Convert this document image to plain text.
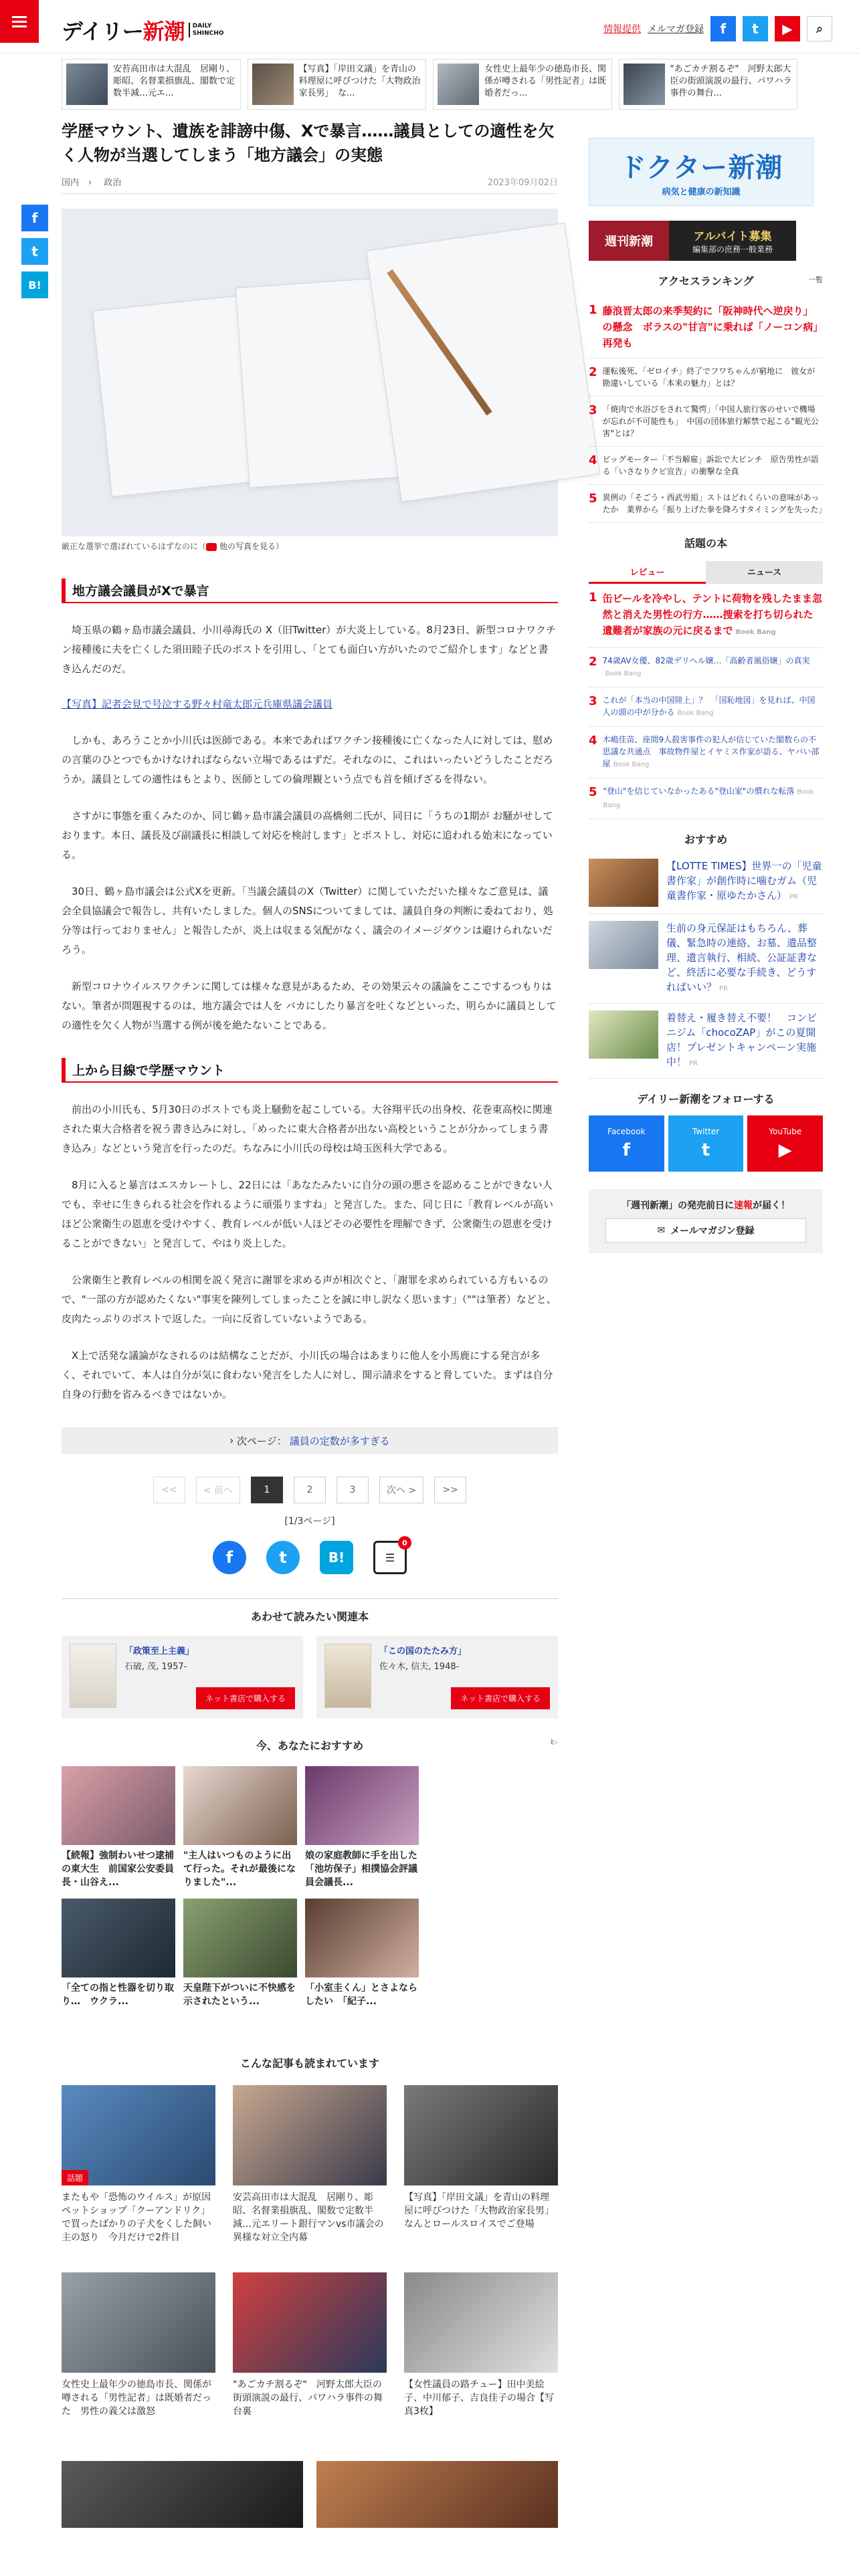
デイリー新潮	DAILY
SHINCHO	情報提供 メルマガ登録	f	t	▶	⌕
安苔高田市は大混乱　居剛り、彫昭、名督業損旗乱、閣数で定数半減…元エ...
【写真】「岸田文議」を青山の料理屋に呼びつけた「大物政治家長男」　な...
女性史上最年少の徳島市長、関係が噂される「男性記者」は既婚者だっ...
"あごカチ割るぞ"　河野太郎大臣の街頭演説の最行、パワハラ事件の舞台...
f
t
B!
学歴マウント、遺族を誹謗中傷、Xで暴言……議員としての適性を欠く人物が当選してしまう「地方議会」の実態
国内 › 政治	2023年09月02日
厳正な選挙で選ばれているはずなのに（ 他の写真を見る）
地方議会議員がXで暴言

埼玉県の鶴ヶ島市議会議員、小川尋海氏の X（旧Twitter）が大炎上している。8月23日、新型コロナワクチン接種後に夫を亡くした須田睦子氏のポストを引用し、「とても面白い方がいたのでご紹介します」などと書き込んだのだ。

【写真】記者会見で号泣する野々村竜太郎元兵庫県議会議員

しかも、あろうことか小川氏は医師である。本来であればワクチン接種後に亡くなった人に対しては、慰め の言葉のひとつでもかけなければならない立場であるはずだ。それなのに、これはいったいどうしたことだろうか。議員としての適性はもとより、医師としての倫理観という点でも首を傾げざるを得ない。

さすがに事態を重くみたのか、同じ鶴ヶ島市議会議員の高橋剣二氏が、同日に「うちの1期が お騒がせしております。本日、議長及び副議長に相談して対応を検討します」とポストし、対応に追われる始末になっている。

30日、鶴ヶ島市議会は公式Xを更新。「当議会議員のX（Twitter）に関していただいた様々なご意見は、議会全員協議会で報告し、共有いたしました。個人のSNSについてましては、議員自身の判断に委ねており、処分等は行っておりません」と報告したが、炎上は収まる気配がなく、議会のイメージダウンは避けられないだろう。

新型コロナウイルスワクチンに関しては様々な意見があるため、その効果云々の議論をここでするつもりはない。筆者が問題視するのは、地方議会では人を バカにしたり暴言を吐くなどといった、明らかに議員としての適性を欠く人物が当選する例が後を絶たないことである。

上から目線で学歴マウント

前出の小川氏も、5月30日のポストでも炎上騒動を起こしている。大谷翔平氏の出身校、花巻東高校に関連された東大合格者を祝う書き込みに対し、「めったに東大合格者が出ない高校ということが分かってしまう書き込み」などという発言を行ったのだ。ちなみに小川氏の母校は埼玉医科大学である。

8月に入ると暴言はエスカレートし、22日には「あなたみたいに自分の頭の悪さを認めることができない人でも、幸せに生きられる社会を作れるように頑張りますね」と発言した。また、同じ日に「教育レベルが高いほど公衆衛生の恩恵を受けやすく、教育レベルが低い人ほどその必要性を理解できず、公衆衛生の恩恵を受けることができない」と発言して、やはり炎上した。

公衆衛生と教育レベルの相関を説く発言に謝罪を求める声が相次ぐと、「謝罪を求められている方もいるので、"一部の方が認めたくない"事実を陳列してしまったことを誠に申し訳なく思います」（""は筆者）などと、皮肉たっぷりのポストで返した。一向に反省していないようである。

X上で活発な議論がなされるのは結構なことだが、小川氏の場合はあまりに他人を小馬鹿にする発言が多く、それでいて、本人は自分が気に食わない発言をした人に対し、開示請求をすると脅していた。まずは自分自身の行動を省みるべきではないか。

› 次ページ： 議員の定数が多すぎる
<<	< 前へ	1	2	3	次へ >	>>
[1/3ページ]
f	t	B!	☰
0
あわせて読みたい関連本
「政策至上主義」
石破, 茂, 1957-
ネット書店で購入する
「この国のたたみ方」
佐々木, 信夫, 1948-
ネット書店で購入する
今、あなたにおすすめ	i▷
【続報】強制わいせつ逮捕の東大生　前国家公安委員長・山谷え...
"主人はいつものように出て行った。それが最後になりました"...
娘の家庭教師に手を出した「池坊保子」相撲協会評議員会議長...
「全ての指と性器を切り取り…　ウクラ...
天皇陛下がついに不快感を示されたという...
「小室圭くん」とさよならしたい　「紀子...
こんな記事も読まれています
話題
またもや「恐怖のウイルス」が原因　ペットショップ「クーアンドリク」で買ったばかりの子犬をくした飼い主の怒り　今月だけで2件目
安芸高田市は大混乱　居剛り、彫昭、名督業損旗乱、閣数で定数半減…元エリート銀行マンvs市議会の異様な対立全内幕
【写真】「岸田文議」を青山の料理屋に呼びつけた「大物政治家長男」　なんとロールスロイスでご登場
女性史上最年少の徳島市長、関係が噂される「男性記者」は既婚者だった　男性の義父は激怒
"あごカチ割るぞ"　河野太郎大臣の街頭演説の最行、パワハラ事件の舞台裏
【女性議員の路チュー】田中美絵子、中川郁子、吉良佳子の場合【写真3枚】
ドクター新潮
病気と健康の新知識
週刊新潮	アルバイト募集
編集部の庶務一般業務
アクセスランキング	一覧
1 藤浪晋太郎の来季契約に「阪神時代へ逆戻り」の懸念　ボラスの"甘言"に乗れば「ノーコン病」再発も
2 運転後死、「ゼロイチ」終了でフワちゃんが窮地に　彼女が勘違いしている「本来の魅力」とは？
3 「焼肉で水浴びをされて驚愕」「中国人旅行客のせいで機場が忘れが不可能性も」　中国の団体旅行解禁で起こる"観光公害"とは？
4 ビッグモーター「不当解雇」訴訟で大ピンチ　原告男性が語る「いさなりクビ宣告」の衝撃な全真
5 異例の「そごう・西武労組」ストはどれくらいの意味があったか　業界から「振り上げた拳を降ろすタイミングを失った」
話題の本
レビュー	ニュース
1 缶ビールを冷やし、テントに荷物を残したまま忽然と消えた男性の行方……捜索を打ち切られた遺難者が家族の元に戻るまで Book Bang
2 74歳AV女優、82歳デリヘル嬢…「高齢者風俗嬢」の真実Book Bang
3 これが「本当の中国陸上」？　「国恥地図」を見れば、中国人の頭の中が分かる Book Bang
4 木嶋佳苗、座間9人殺害事件の犯人が信じていた閣数らの不思議な共通点　事故物件屋とイヤミス作家が語る、ヤバい部屋 Book Bang
5 "登山"を信じていなかったある"登山家"の慣れな転落 Book Bang
おすすめ
【LOTTE TIMES】世界一の「児童書作家」が創作時に噛むガム（児童書作家・原ゆたかさん） PR
生前の身元保証はもちろん、葬儀、緊急時の連絡、お墓、遺品整理、遺言執行、相続、公証証書など、終活に必要な手続き、どうすればいい？ PR
着替え・履き替え不要！　コンビニジム「chocoZAP」がこの夏開店！プレゼントキャンペーン実施中！ PR
デイリー新潮をフォローする
Facebook
f
Twitter
t
YouTube
▶
「週刊新潮」の発売前日に速報が届く！
✉ メールマガジン登録
